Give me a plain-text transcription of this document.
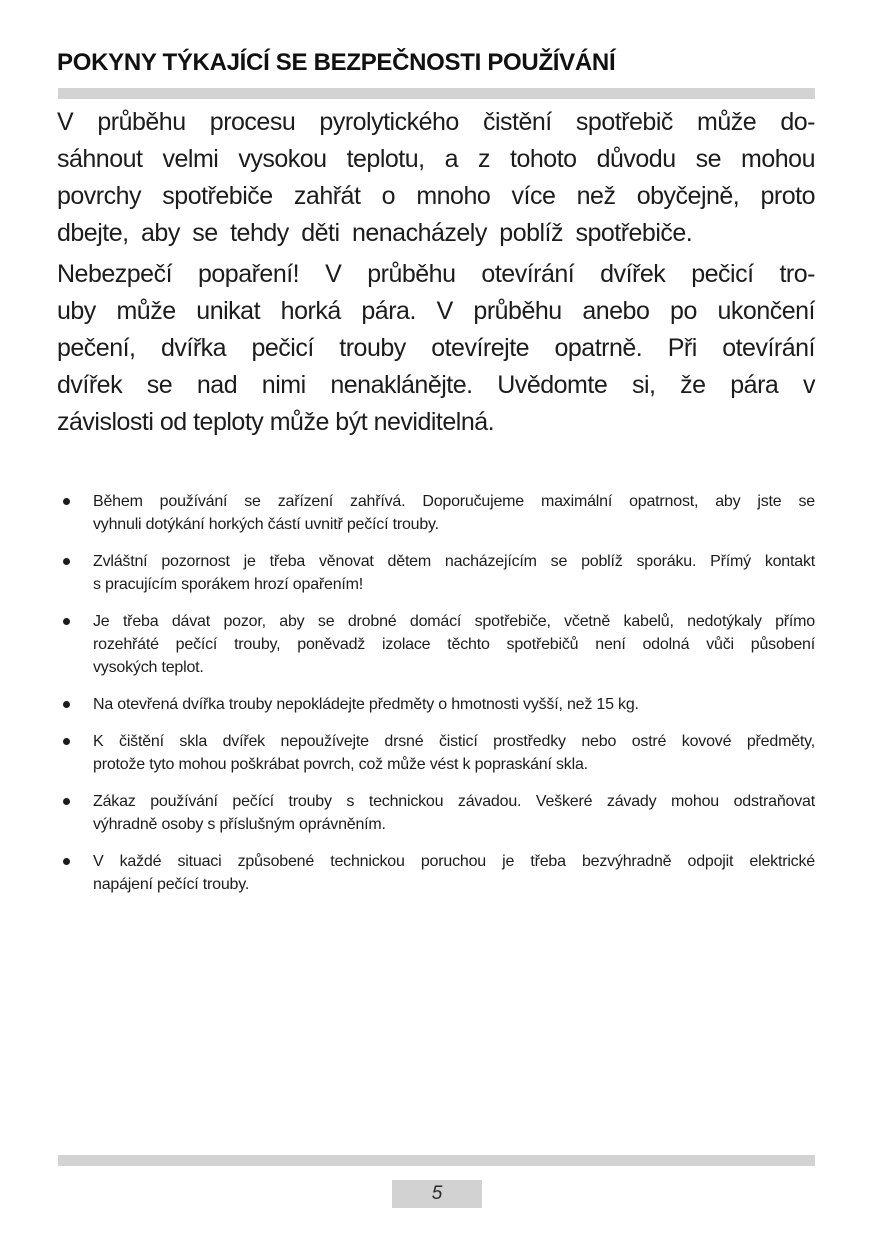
POKYNY TÝKAJÍCÍ SE BEZPEČNOSTI POUŽÍVÁNÍ
V průběhu procesu pyrolytického čistění spotřebič může do-
sáhnout velmi vysokou teplotu, a z tohoto důvodu se mohou
povrchy spotřebiče zahřát o mnoho více než obyčejně, proto
dbejte, aby se tehdy děti nenacházely poblíž spotřebiče.
Nebezpečí popaření! V průběhu otevírání dvířek pečicí tro-
uby může unikat horká pára. V průběhu anebo po ukončení
pečení, dvířka pečicí trouby otevírejte opatrně. Při otevírání
dvířek se nad nimi nenaklánějte. Uvědomte si, že pára v
závislosti od teploty může být neviditelná.
Během používání se zařízení zahřívá. Doporučujeme maximální opatrnost, aby jste se
vyhnuli dotýkání horkých částí uvnitř pečící trouby.
Zvláštní pozornost je třeba věnovat dětem nacházejícím se poblíž sporáku. Přímý kontakt
s pracujícím sporákem hrozí opařením!
Je třeba dávat pozor, aby se drobné domácí spotřebiče, včetně kabelů, nedotýkaly přímo
rozehřáté pečící trouby, poněvadž izolace těchto spotřebičů není odolná vůči působení
vysokých teplot.
Na otevřená dvířka trouby nepokládejte předměty o hmotnosti vyšší, než 15 kg.
K čištění skla dvířek nepoužívejte drsné čisticí prostředky nebo ostré kovové předměty,
protože tyto mohou poškrábat povrch, což může vést k popraskání skla.
Zákaz používání pečící trouby s technickou závadou. Veškeré závady mohou odstraňovat
výhradně osoby s příslušným oprávněním.
V každé situaci způsobené technickou poruchou je třeba bezvýhradně odpojit elektrické
napájení pečící trouby.
5
